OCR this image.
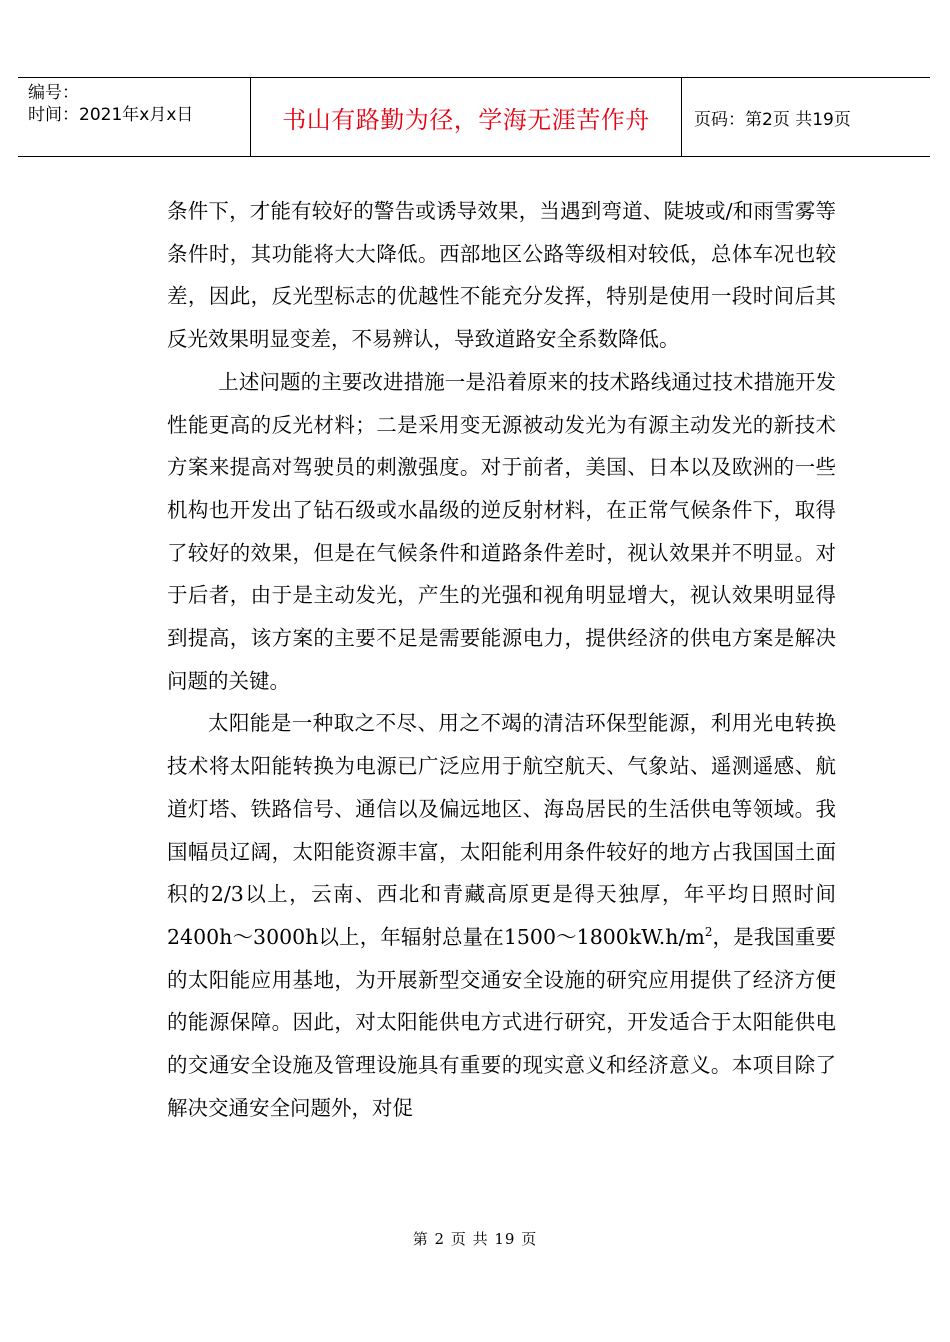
编号：
时间：2021年x月x日	书山有路勤为径，学海无涯苦作舟	页码：第2页 共19页

条件下，才能有较好的警告或诱导效果，当遇到弯道、陡坡或/和雨雪雾等条件时，其功能将大大降低。西部地区公路等级相对较低，总体车况也较差，因此，反光型标志的优越性不能充分发挥，特别是使用一段时间后其反光效果明显变差，不易辨认，导致道路安全系数降低。

上述问题的主要改进措施一是沿着原来的技术路线通过技术措施开发性能更高的反光材料；二是采用变无源被动发光为有源主动发光的新技术方案来提高对驾驶员的刺激强度。对于前者，美国、日本以及欧洲的一些机构也开发出了钻石级或水晶级的逆反射材料，在正常气候条件下，取得了较好的效果，但是在气候条件和道路条件差时，视认效果并不明显。对于后者，由于是主动发光，产生的光强和视角明显增大，视认效果明显得到提高，该方案的主要不足是需要能源电力，提供经济的供电方案是解决问题的关键。

太阳能是一种取之不尽、用之不竭的清洁环保型能源，利用光电转换技术将太阳能转换为电源已广泛应用于航空航天、气象站、遥测遥感、航道灯塔、铁路信号、通信以及偏远地区、海岛居民的生活供电等领域。我国幅员辽阔，太阳能资源丰富，太阳能利用条件较好的地方占我国国土面积的2/3以上，云南、西北和青藏高原更是得天独厚，年平均日照时间2400h～3000h以上，年辐射总量在$1500\sim 1800kW.h/m^2$，是我国重要的太阳能应用基地，为开展新型交通安全设施的研究应用提供了经济方便的能源保障。因此，对太阳能供电方式进行研究，开发适合于太阳能供电的交通安全设施及管理设施具有重要的现实意义和经济意义。本项目除了解决交通安全问题外，对促

第 2 页 共 19 页
